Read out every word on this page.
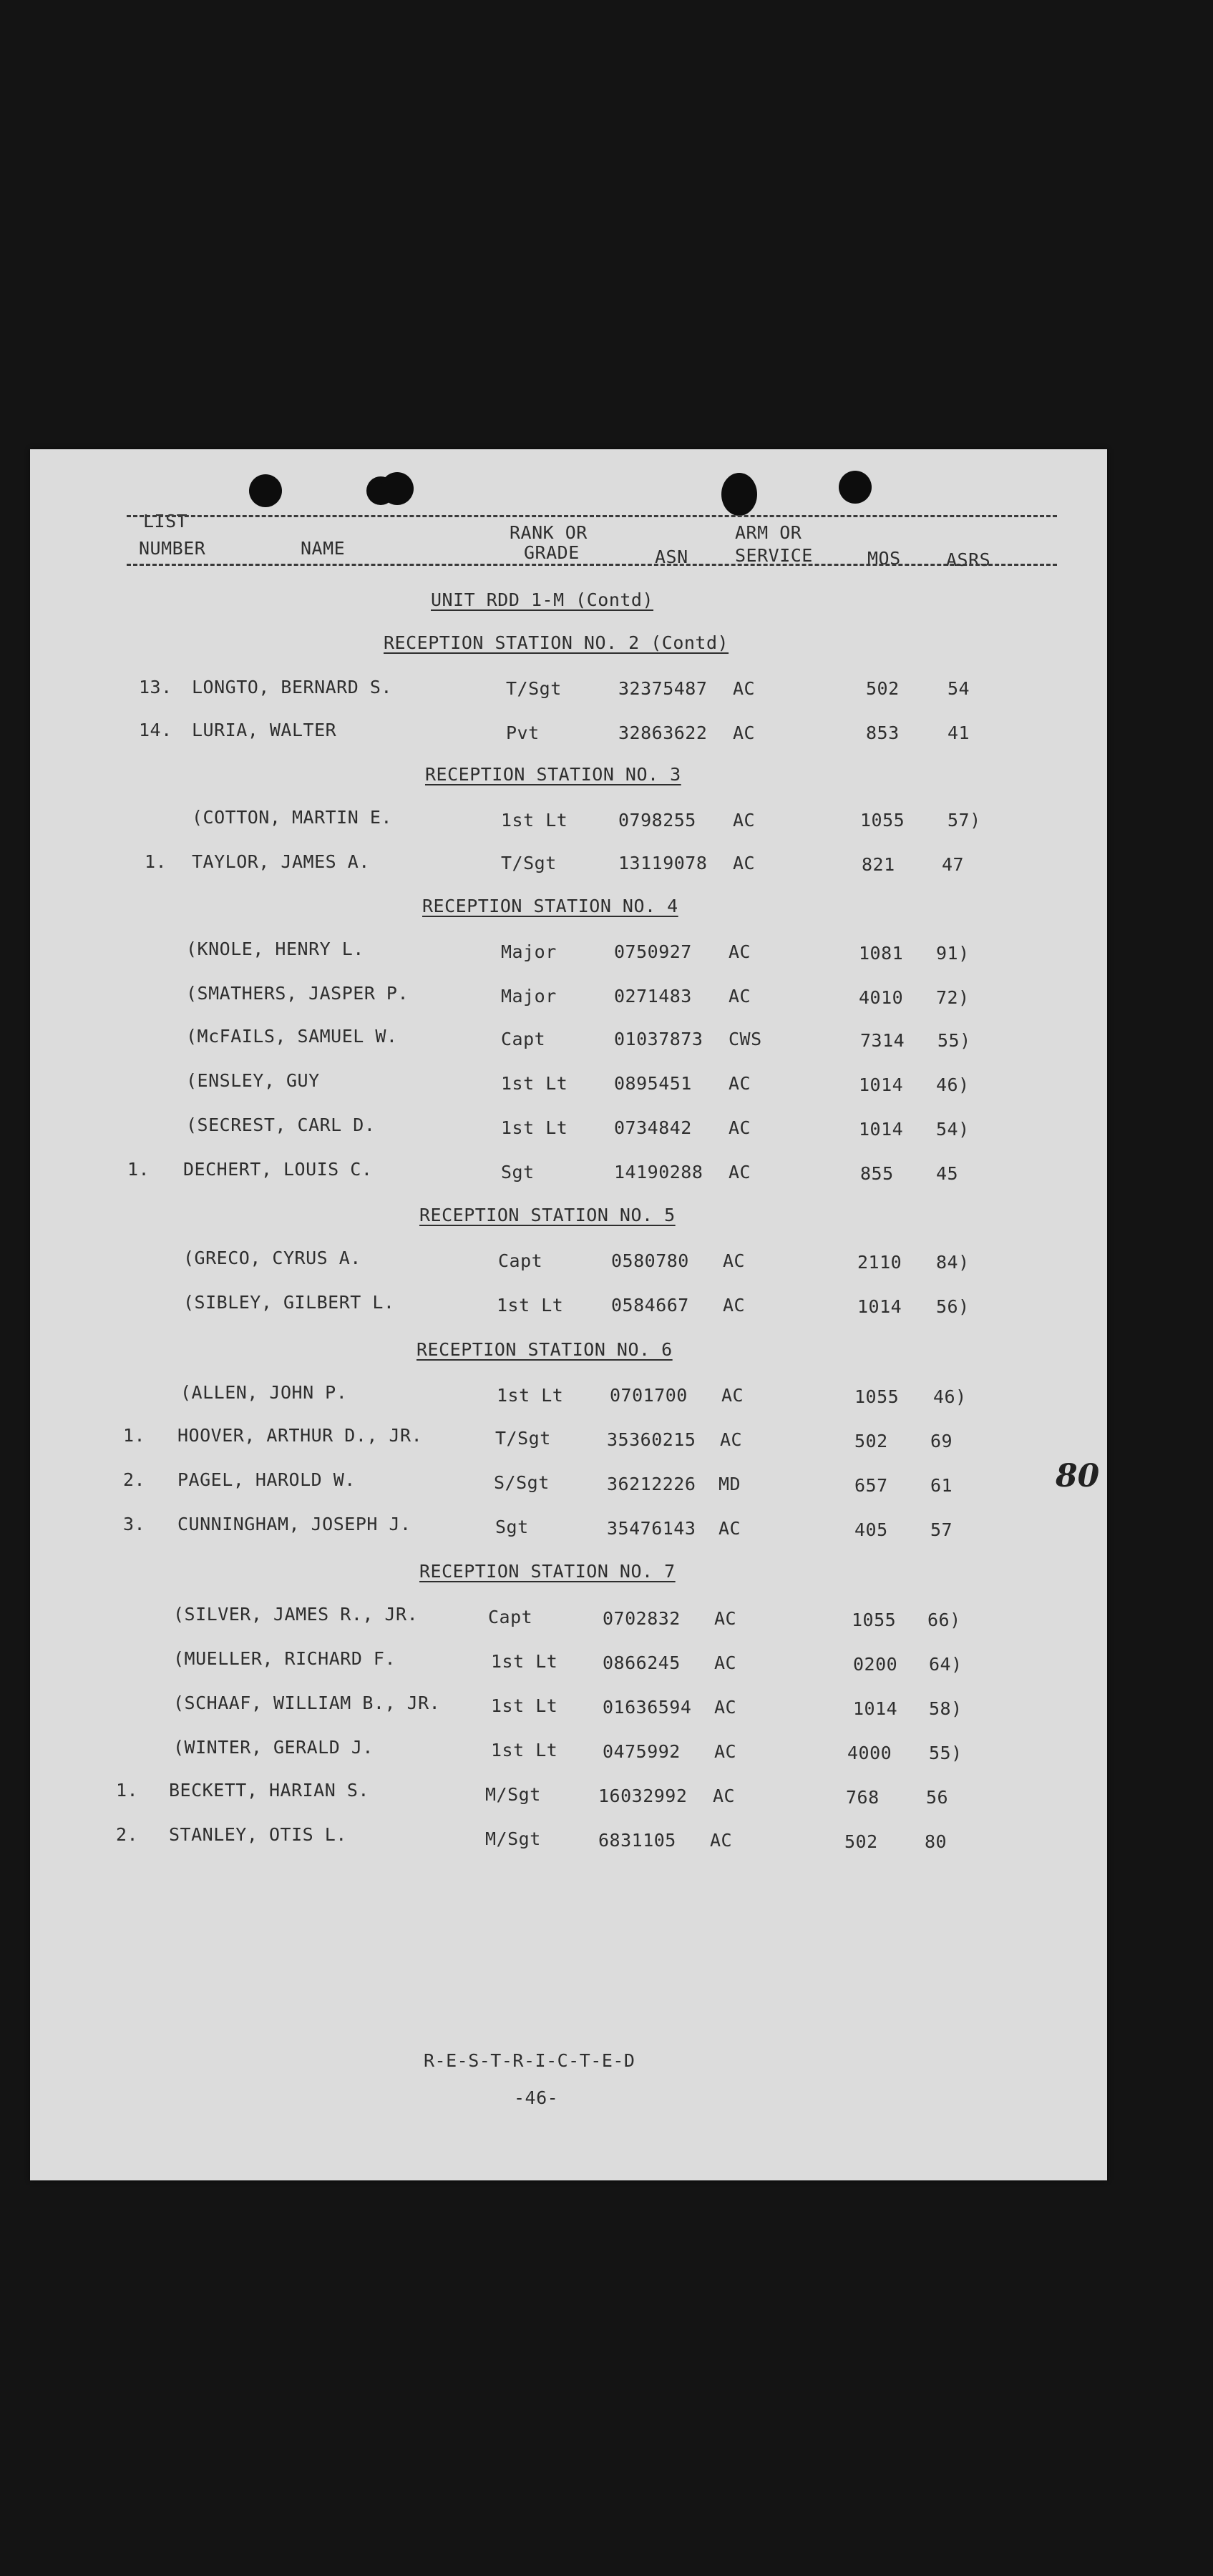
LIST
NUMBER	NAME
RANK OR
GRADE	ASN
ARM OR
SERVICE	MOS	ASRS
UNIT RDD 1-M (Contd)
RECEPTION STATION NO. 2 (Contd)
13. LONGTO, BERNARD S.	T/Sgt	32375487 AC	502	54
14. LURIA, WALTER	Pvt	32863622 AC	853	41
RECEPTION STATION NO. 3
(COTTON, MARTIN E.	1st Lt	0798255 AC	1055 57)
1. TAYLOR, JAMES A.	T/Sgt	13119078 AC	821	47
RECEPTION STATION NO. 4
(KNOLE, HENRY L.	Major	0750927 AC	1081 91)
(SMATHERS, JASPER P.	Major	0271483 AC	4010 72)
(McFAILS, SAMUEL W.	Capt	01037873 CWS	7314 55)
(ENSLEY, GUY	1st Lt	0895451 AC	1014 46)
(SECREST, CARL D.	1st Lt	0734842 AC	1014 54)
1. DECHERT, LOUIS C.	Sgt	14190288 AC	855 45
RECEPTION STATION NO. 5
(GRECO, CYRUS A.	Capt	0580780 AC	2110 84)
(SIBLEY, GILBERT L.	1st Lt	0584667 AC	1014 56)
RECEPTION STATION NO. 6
(ALLEN, JOHN P.	1st Lt	0701700 AC	1055 46)
1. HOOVER, ARTHUR D., JR.	T/Sgt	35360215 AC	502 69
2. PAGEL, HAROLD W.	S/Sgt	36212226 MD	657 61
3. CUNNINGHAM, JOSEPH J.	Sgt	35476143 AC	405 57
RECEPTION STATION NO. 7
(SILVER, JAMES R., JR.	Capt	0702832 AC	1055 66)
(MUELLER, RICHARD F.	1st Lt	0866245 AC	0200 64)
(SCHAAF, WILLIAM B., JR.	1st Lt	01636594 AC	1014 58)
(WINTER, GERALD J.	1st Lt	0475992 AC	4000 55)
1. BECKETT, HARIAN S.	M/Sgt	16032992 AC	768	56
2. STANLEY, OTIS L.	M/Sgt	6831105 AC	502	80
R-E-S-T-R-I-C-T-E-D
-46-
80
